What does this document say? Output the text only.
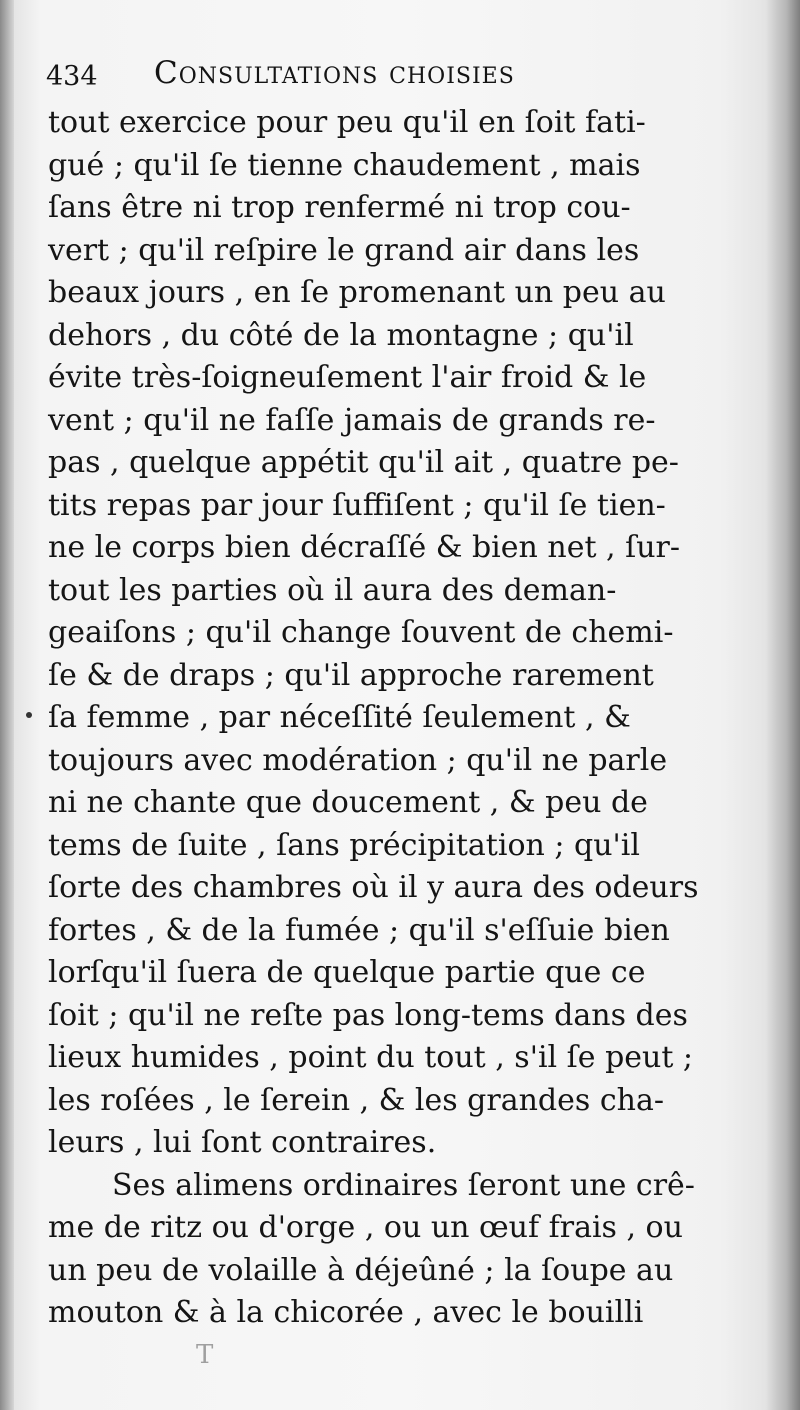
434 Consultations choisies
tout exercice pour peu qu'il en ſoit fati-
gué ; qu'il ſe tienne chaudement , mais
ſans être ni trop renfermé ni trop cou-
vert ; qu'il reſpire le grand air dans les
beaux jours , en ſe promenant un peu au
dehors , du côté de la montagne ; qu'il
évite très-ſoigneuſement l'air froid & le
vent ; qu'il ne faſſe jamais de grands re-
pas , quelque appétit qu'il ait , quatre pe-
tits repas par jour ſuffiſent ; qu'il ſe tien-
ne le corps bien décraſſé & bien net , ſur-
tout les parties où il aura des deman-
geaiſons ; qu'il change ſouvent de chemi-
ſe & de draps ; qu'il approche rarement
ſa femme , par néceſſité ſeulement , &
toujours avec modération ; qu'il ne parle
ni ne chante que doucement , & peu de
tems de ſuite , ſans précipitation ; qu'il
ſorte des chambres où il y aura des odeurs
fortes , & de la fumée ; qu'il s'eſſuie bien
lorſqu'il ſuera de quelque partie que ce
ſoit ; qu'il ne reſte pas long-tems dans des
lieux humides , point du tout , s'il ſe peut ;
les roſées , le ſerein , & les grandes cha-
leurs , lui ſont contraires.
Ses alimens ordinaires ſeront une crê-
me de ritz ou d'orge , ou un œuf frais , ou
un peu de volaille à déjeûné ; la ſoupe au
mouton & à la chicorée , avec le bouilli
T
